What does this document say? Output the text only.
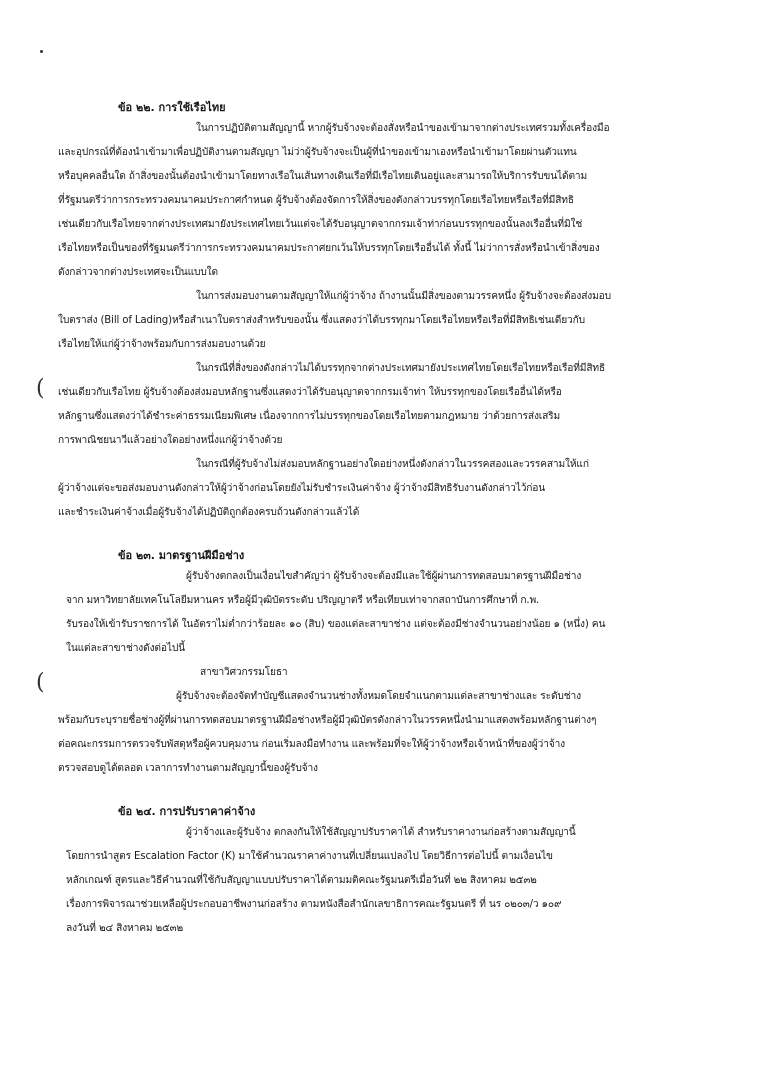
(
(
ข้อ ๒๒. การใช้เรือไทย
ในการปฏิบัติตามสัญญานี้ หากผู้รับจ้างจะต้องสั่งหรือนำของเข้ามาจากต่างประเทศรวมทั้งเครื่องมือ
และอุปกรณ์ที่ต้องนำเข้ามาเพื่อปฏิบัติงานตามสัญญา ไม่ว่าผู้รับจ้างจะเป็นผู้ที่นำของเข้ามาเองหรือนำเข้ามาโดยผ่านตัวแทน
หรือบุคคลอื่นใด ถ้าสิ่งของนั้นต้องนำเข้ามาโดยทางเรือในเส้นทางเดินเรือที่มีเรือไทยเดินอยู่และสามารถให้บริการรับขนได้ตาม
ที่รัฐมนตรีว่าการกระทรวงคมนาคมประกาศกำหนด ผู้รับจ้างต้องจัดการให้สิ่งของดังกล่าวบรรทุกโดยเรือไทยหรือเรือที่มีสิทธิ
เช่นเดียวกับเรือไทยจากต่างประเทศมายังประเทศไทยเว้นแต่จะได้รับอนุญาตจากกรมเจ้าท่าก่อนบรรทุกของนั้นลงเรืออื่นที่มิใช่
เรือไทยหรือเป็นของที่รัฐมนตรีว่าการกระทรวงคมนาคมประกาศยกเว้นให้บรรทุกโดยเรืออื่นได้ ทั้งนี้ ไม่ว่าการสั่งหรือนำเข้าสิ่งของ
ดังกล่าวจากต่างประเทศจะเป็นแบบใด
ในการส่งมอบงานตามสัญญาให้แก่ผู้ว่าจ้าง ถ้างานนั้นมีสิ่งของตามวรรคหนึ่ง ผู้รับจ้างจะต้องส่งมอบ
ใบตราส่ง (Bill of Lading)หรือสำเนาใบตราส่งสำหรับของนั้น ซึ่งแสดงว่าได้บรรทุกมาโดยเรือไทยหรือเรือที่มีสิทธิเช่นเดียวกับ
เรือไทยให้แก่ผู้ว่าจ้างพร้อมกับการส่งมอบงานด้วย
ในกรณีที่สิ่งของดังกล่าวไม่ได้บรรทุกจากต่างประเทศมายังประเทศไทยโดยเรือไทยหรือเรือที่มีสิทธิ
เช่นเดียวกับเรือไทย ผู้รับจ้างต้องส่งมอบหลักฐานซึ่งแสดงว่าได้รับอนุญาตจากกรมเจ้าท่า ให้บรรทุกของโดยเรืออื่นได้หรือ
หลักฐานซึ่งแสดงว่าได้ชำระค่าธรรมเนียมพิเศษ เนื่องจากการไม่บรรทุกของโดยเรือไทยตามกฎหมาย ว่าด้วยการส่งเสริม
การพาณิชยนาวีแล้วอย่างใดอย่างหนึ่งแก่ผู้ว่าจ้างด้วย
ในกรณีที่ผู้รับจ้างไม่ส่งมอบหลักฐานอย่างใดอย่างหนึ่งดังกล่าวในวรรคสองและวรรคสามให้แก่
ผู้ว่าจ้างแต่จะขอส่งมอบงานดังกล่าวให้ผู้ว่าจ้างก่อนโดยยังไม่รับชำระเงินค่าจ้าง ผู้ว่าจ้างมีสิทธิรับงานดังกล่าวไว้ก่อน
และชำระเงินค่าจ้างเมื่อผู้รับจ้างได้ปฏิบัติถูกต้องครบถ้วนดังกล่าวแล้วได้
ข้อ ๒๓. มาตรฐานฝีมือช่าง
ผู้รับจ้างตกลงเป็นเงื่อนไขสำคัญว่า ผู้รับจ้างจะต้องมีและใช้ผู้ผ่านการทดสอบมาตรฐานฝีมือช่าง
จาก มหาวิทยาลัยเทคโนโลยีมหานคร หรือผู้มีวุฒิบัตรระดับ ปริญญาตรี หรือเทียบเท่าจากสถาบันการศึกษาที่ ก.พ.
รับรองให้เข้ารับราชการได้ ในอัตราไม่ต่ำกว่าร้อยละ ๑๐ (สิบ) ของแต่ละสาขาช่าง แต่จะต้องมีช่างจำนวนอย่างน้อย ๑ (หนึ่ง) คน
ในแต่ละสาขาช่างดังต่อไปนี้
สาขาวิศวกรรมโยธา
ผู้รับจ้างจะต้องจัดทำบัญชีแสดงจำนวนช่างทั้งหมดโดยจำแนกตามแต่ละสาขาช่างและ ระดับช่าง
พร้อมกับระบุรายชื่อช่างผู้ที่ผ่านการทดสอบมาตรฐานฝีมือช่างหรือผู้มีวุฒิบัตรดังกล่าวในวรรคหนึ่งนำมาแสดงพร้อมหลักฐานต่างๆ
ต่อคณะกรรมการตรวจรับพัสดุหรือผู้ควบคุมงาน ก่อนเริ่มลงมือทำงาน และพร้อมที่จะให้ผู้ว่าจ้างหรือเจ้าหน้าที่ของผู้ว่าจ้าง
ตรวจสอบดูได้ตลอด เวลาการทำงานตามสัญญานี้ของผู้รับจ้าง
ข้อ ๒๔. การปรับราคาค่าจ้าง
ผู้ว่าจ้างและผู้รับจ้าง ตกลงกันให้ใช้สัญญาปรับราคาได้ สำหรับราคางานก่อสร้างตามสัญญานี้
โดยการนำสูตร Escalation Factor (K) มาใช้คำนวณราคาค่างานที่เปลี่ยนแปลงไป โดยวิธีการต่อไปนี้ ตามเงื่อนไข
หลักเกณฑ์ สูตรและวิธีคำนวณที่ใช้กับสัญญาแบบปรับราคาได้ตามมติคณะรัฐมนตรีเมื่อวันที่ ๒๒ สิงหาคม ๒๕๓๒
เรื่องการพิจารณาช่วยเหลือผู้ประกอบอาชีพงานก่อสร้าง ตามหนังสือสำนักเลขาธิการคณะรัฐมนตรี ที่ นร ๐๒๐๓/ว ๑๐๙
ลงวันที่ ๒๔ สิงหาคม ๒๕๓๒
